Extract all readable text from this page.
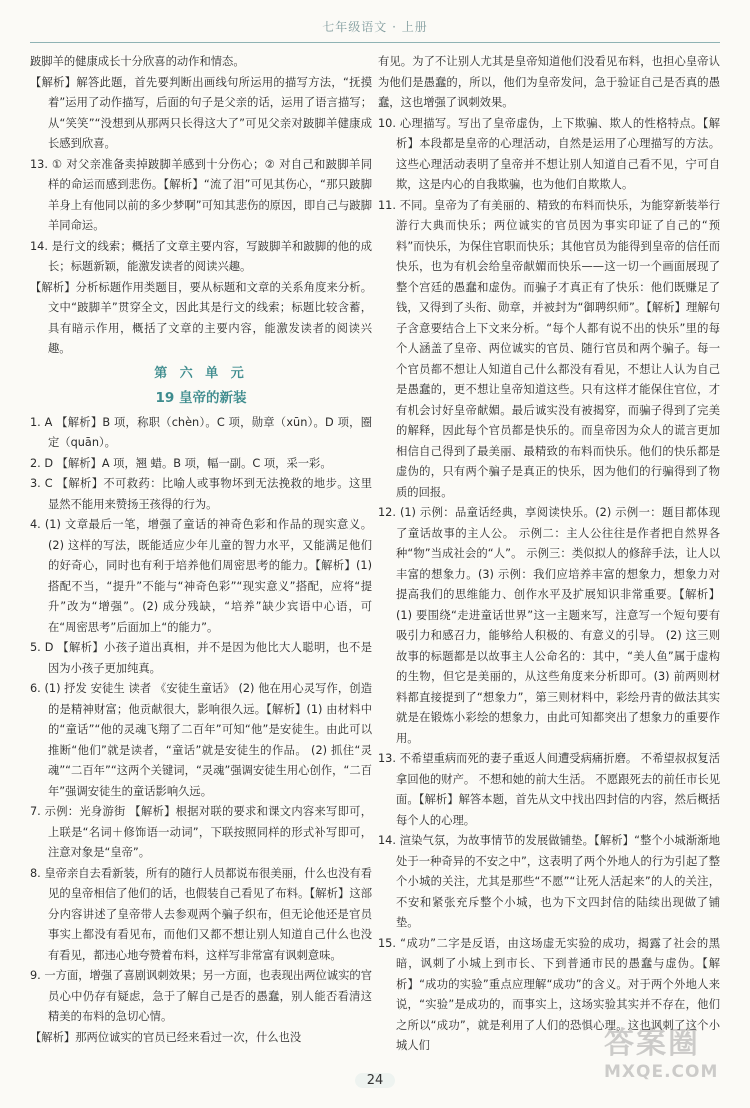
七年级语文 · 上册

跛脚羊的健康成长十分欣喜的动作和情态。

【解析】解答此题，首先要判断出画线句所运用的描写方法，“抚摸着”运用了动作描写，后面的句子是父亲的话，运用了语言描写；从“笑笑”“没想到从那两只长得这大了”可见父亲对跛脚羊健康成长感到欣喜。

13. ① 对父亲准备卖掉跛脚羊感到十分伤心；② 对自己和跛脚羊同样的命运而感到悲伤。【解析】“流了泪”可见其伤心，“那只跛脚羊身上有他同以前的多少梦啊”可知其悲伤的原因，即自己与跛脚羊同命运。

14. 是行文的线索；概括了文章主要内容，写跛脚羊和跛脚的他的成长；标题新颖，能激发读者的阅读兴趣。

【解析】分析标题作用类题目，要从标题和文章的关系角度来分析。文中“跛脚羊”贯穿全文，因此其是行文的线索；标题比较含蓄，具有暗示作用，概括了文章的主要内容，能激发读者的阅读兴趣。

第 六 单 元
19 皇帝的新装

1. A 【解析】B 项，称职（chèn）。C 项，勋章（xūn）。D 项，圈定（quān）。

2. D 【解析】A 项，翘 蜡。B 项，幅一副。C 项，采一彩。

3. C 【解析】不可救药：比喻人或事物坏到无法挽救的地步。这里显然不能用来赞扬王孩得的行为。

4. (1) 文章最后一笔，增强了童话的神奇色彩和作品的现实意义。 (2) 这样的写法，既能适应少年儿童的智力水平，又能满足他们的好奇心，同时也有利于培养他们周密思考的能力。【解析】(1) 搭配不当，“提升”不能与“神奇色彩”“现实意义”搭配，应将“提升”改为“增强”。(2) 成分残缺，“培养”缺少宾语中心语，可在“周密思考”后面加上“的能力”。

5. D 【解析】小孩子道出真相，并不是因为他比大人聪明，也不是因为小孩子更加纯真。

6. (1) 抒发 安徒生 读者 《安徒生童话》 (2) 他在用心灵写作，创造的是精神财富；他贡献很大，影响很久远。【解析】(1) 由材料中的“童话”“他的灵魂飞翔了二百年”可知“他”是安徒生。由此可以推断“他们”就是读者，“童话”就是安徒生的作品。 (2) 抓住“灵魂”“二百年”“这两个关键词，“灵魂”强调安徒生用心创作，“二百年”强调安徒生的童话影响久远。

7. 示例：光身游街 【解析】根据对联的要求和课文内容来写即可，上联是“名词＋修饰语一动词”，下联按照同样的形式补写即可，注意对象是“皇帝”。

8. 皇帝亲自去看新装，所有的随行人员都说布很美丽，什么也没有看见的皇帝相信了他们的话，也假装自己看见了布料。【解析】这部分内容讲述了皇帝带人去参观两个骗子织布，但无论他还是官员事实上都没有看见布，而他们又都不想让别人知道自己什么也没有看见，都违心地夸赞着布料，这样写非常富有讽刺意味。

9. 一方面，增强了喜剧讽刺效果；另一方面，也表现出两位诚实的官员心中仍存有疑虑，急于了解自己是否的愚蠢，别人能否看清这精美的布料的急切心情。

【解析】那两位诚实的官员已经来看过一次，什么也没

有见。为了不让别人尤其是皇帝知道他们没看见布料，也担心皇帝认为他们是愚蠢的，所以，他们为皇帝发问，急于验证自己是否真的愚蠢，这也增强了讽刺效果。

10. 心理描写。写出了皇帝虚伪，上下欺骗、欺人的性格特点。【解析】本段都是皇帝的心理活动，自然是运用了心理描写的方法。这些心理活动表明了皇帝并不想让别人知道自己看不见，宁可自欺，这是内心的自我欺骗，也为他们自欺欺人。

11. 不同。皇帝为了有美丽的、精致的布料而快乐，为能穿新装举行游行大典而快乐；两位诚实的官员因为事实印证了自己的“预料”而快乐，为保住官职而快乐；其他官员为能得到皇帝的信任而快乐，也为有机会给皇帝献媚而快乐——这一切一个画面展现了整个宫廷的愚蠢和虚伪。而骗子才真正有了快乐：他们既赚足了钱，又得到了头衔、勋章，并被封为“御聘织师”。【解析】理解句子含意要结合上下文来分析。“每个人都有说不出的快乐”里的每个人涵盖了皇帝、两位诚实的官员、随行官员和两个骗子。每一个官员都不想让人知道自己什么都没有看见，不想让人认为自己是愚蠢的，更不想让皇帝知道这些。只有这样才能保住官位，才有机会讨好皇帝献媚。最后诚实没有被揭穿，而骗子得到了完美的解释，因此每个官员都是快乐的。而皇帝因为众人的谎言更加相信自己得到了最美丽、最精致的布料而快乐。他们的快乐都是虚伪的，只有两个骗子是真正的快乐，因为他们的行骗得到了物质的回报。

12. (1) 示例：品童话经典，享阅读快乐。(2) 示例一：题目都体现了童话故事的主人公。 示例二：主人公往往是作者把自然界各种“物”当成社会的“人”。 示例三：类似拟人的修辞手法，让人以丰富的想象力。(3) 示例：我们应培养丰富的想象力，想象力对提高我们的思维能力、创作水平及扩展知识非常重要。【解析】(1) 要围绕“走进童话世界”这一主题来写，注意写一个短句要有吸引力和感召力，能够给人积极的、有意义的引导。 (2) 这三则故事的标题都是以故事主人公命名的：其中，“美人鱼”属于虚构的生物，但它是美丽的，从这些角度来分析即可。(3) 前两则材料都直接提到了“想象力”，第三则材料中，彩绘丹青的做法其实就是在锻炼小彩绘的想象力，由此可知都突出了想象力的重要作用。

13. 不希望重病而死的妻子重返人间遭受病痛折磨。 不希望叔叔复活拿回他的财产。 不想和她的前大生活。 不愿跟死去的前任市长见面。【解析】解答本题，首先从文中找出四封信的内容，然后概括每个人的心理。

14. 渲染气氛，为故事情节的发展做铺垫。【解析】“整个小城渐渐地处于一种奇异的不安之中”，这表明了两个外地人的行为引起了整个小城的关注，尤其是那些“不愿”“让死人活起来”的人的关注，不安和紧张充斥整个小城，也为下文四封信的陆续出现做了铺垫。

15. “成功”二字是反语，由这场虚无实验的成功，揭露了社会的黑暗，讽刺了小城上到市长、下到普通市民的愚蠢与虚伪。【解析】“成功的实验”重点应理解“成功”的含义。对于两个外地人来说，“实验”是成功的，而事实上，这场实验其实并不存在，他们之所以“成功”，就是利用了人们的恐惧心理。这也讽刺了这个小城人们

24
答案圈
MXQE.COM
